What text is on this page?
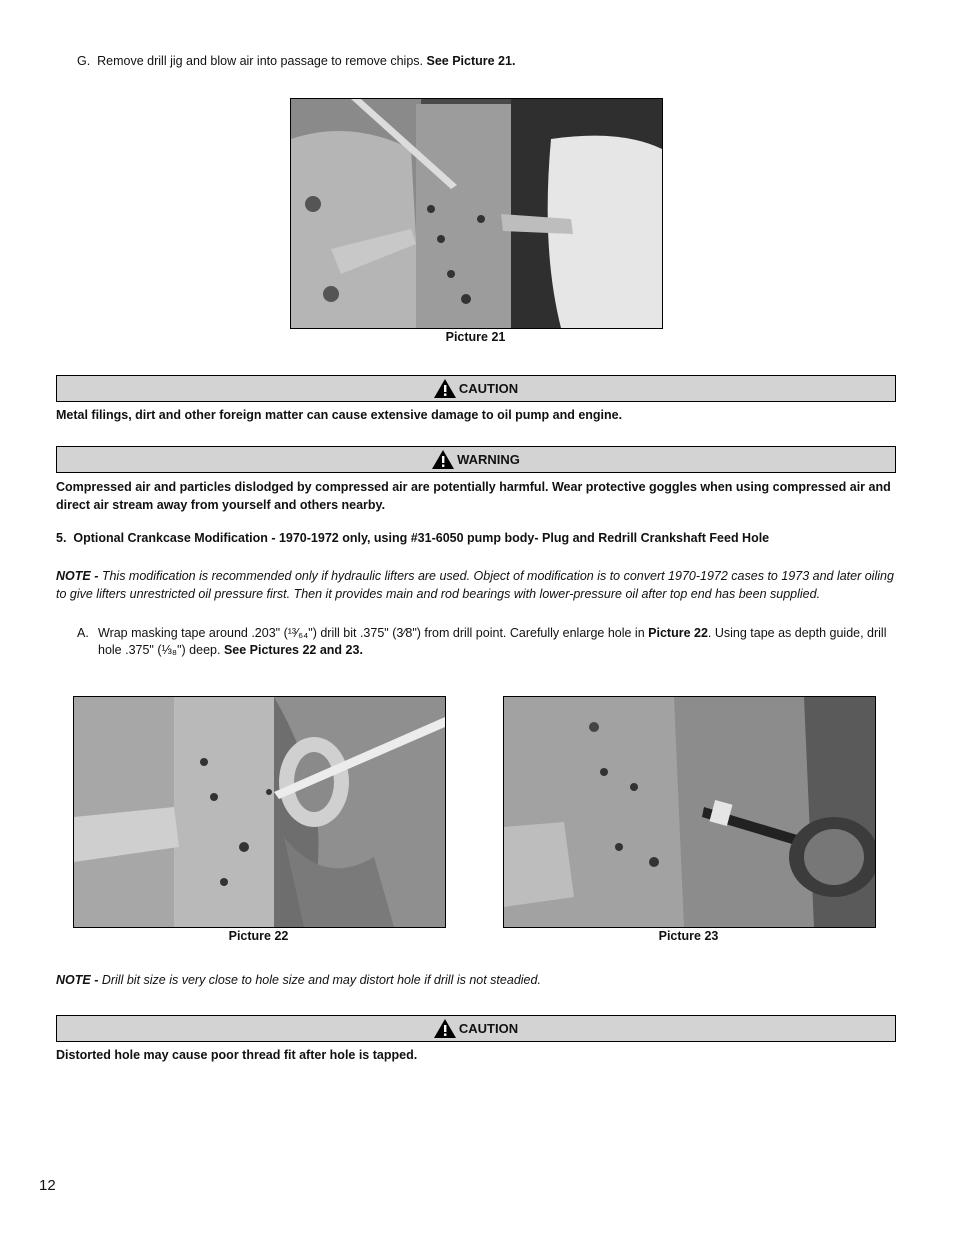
G.  Remove drill jig and blow air into passage to remove chips. See Picture 21.
Picture 21
CAUTION
Metal filings, dirt and other foreign matter can cause extensive damage to oil pump and engine.
WARNING
Compressed air and particles dislodged by compressed air are potentially harmful. Wear protective goggles when using compressed air and direct air stream away from yourself and others nearby.
5.  Optional Crankcase Modification - 1970-1972 only, using #31-6050 pump body- Plug and Redrill Crankshaft Feed Hole
NOTE - This modification is recommended only if hydraulic lifters are used. Object of modification is to convert 1970-1972 cases to 1973 and later oiling to give lifters unrestricted oil pressure first. Then it provides main and rod bearings with lower-pressure oil after top end has been supplied.
A. Wrap masking tape around .203" (¹³⁄₆₄") drill bit .375" (3⁄8") from drill point. Carefully enlarge hole in Picture 22. Using tape as depth guide, drill hole .375" (⅓₈") deep. See Pictures 22 and 23.
Picture 22	Picture 23
NOTE - Drill bit size is very close to hole size and may distort hole if drill is not steadied.
CAUTION
Distorted hole may cause poor thread fit after hole is tapped.
12
